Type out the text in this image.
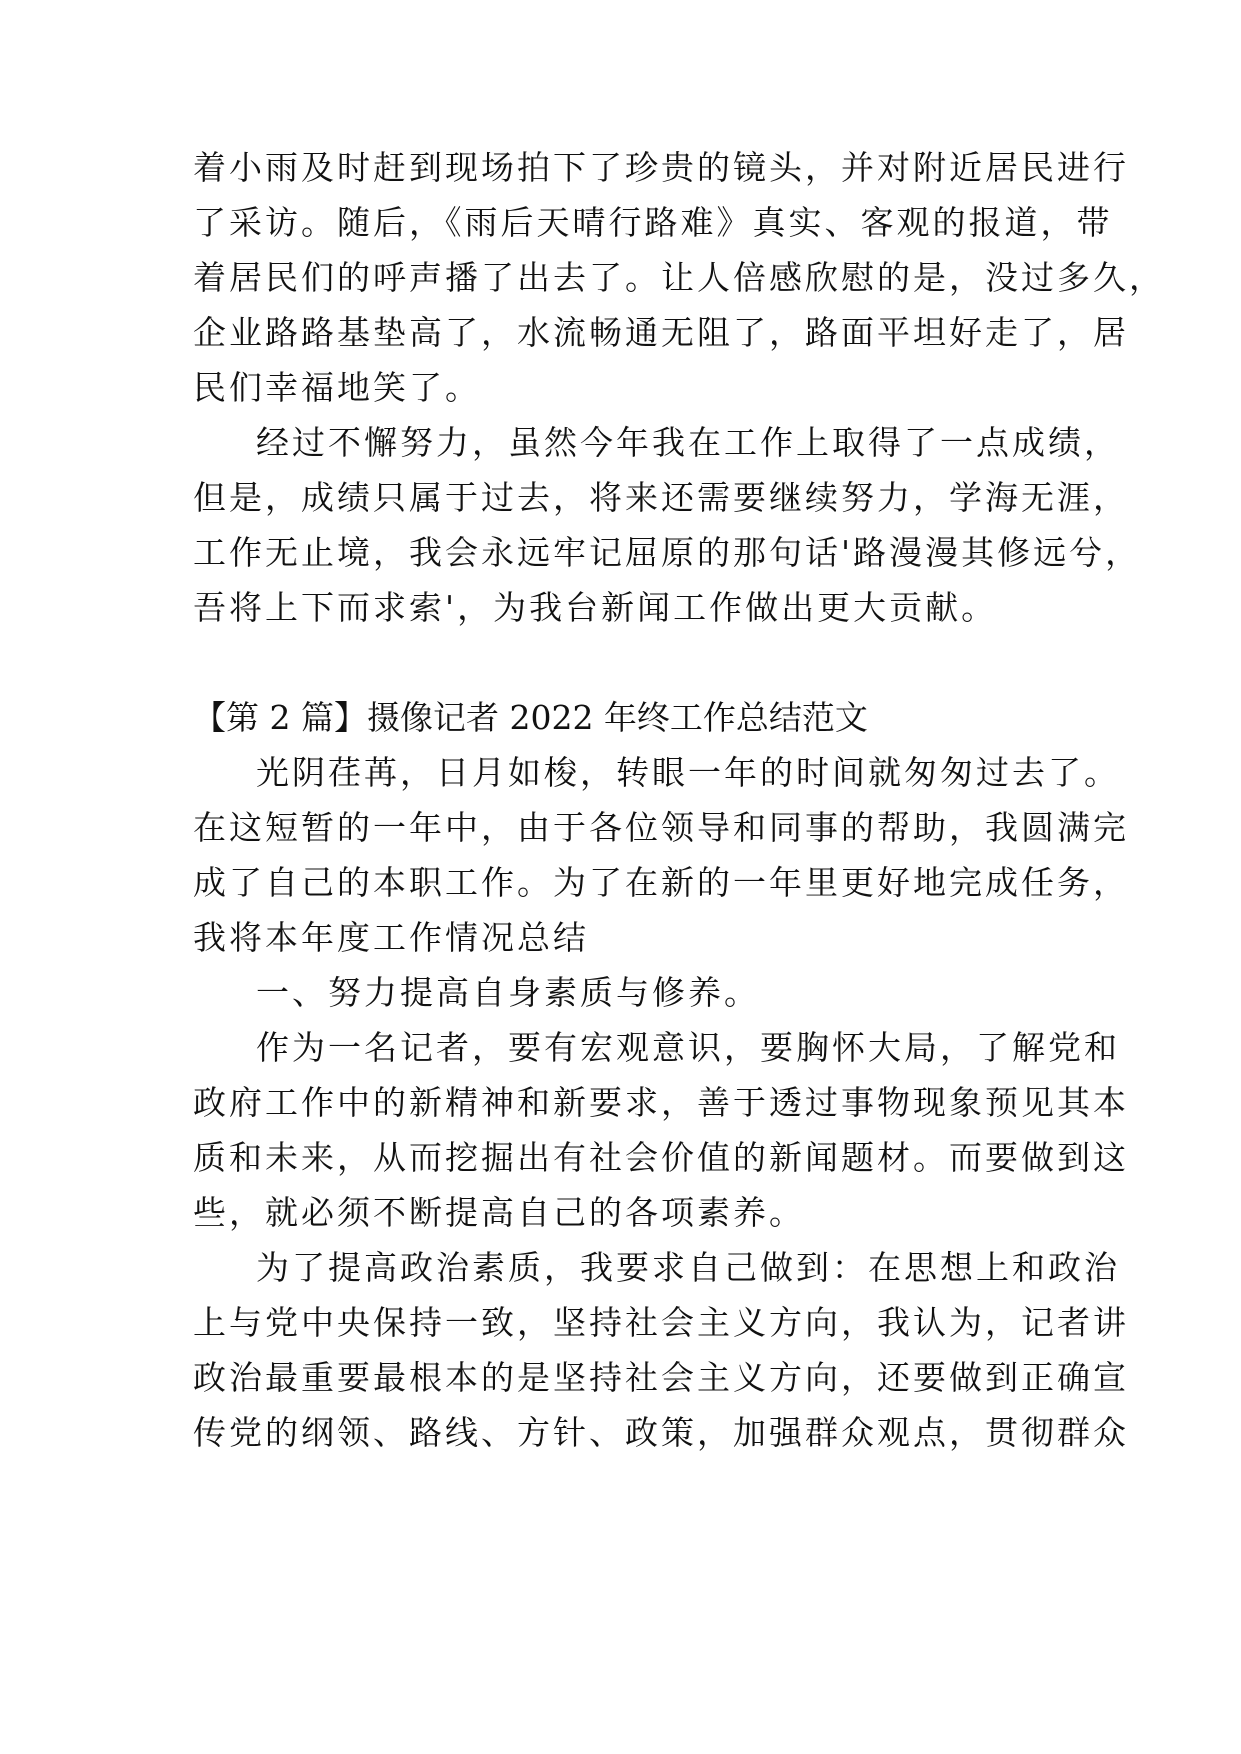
着小雨及时赶到现场拍下了珍贵的镜头，并对附近居民进行
了采访。随后，《雨后天晴行路难》真实、客观的报道，带
着居民们的呼声播了出去了。让人倍感欣慰的是，没过多久，
企业路路基垫高了，水流畅通无阻了，路面平坦好走了，居
民们幸福地笑了。
经过不懈努力，虽然今年我在工作上取得了一点成绩，
但是，成绩只属于过去，将来还需要继续努力，学海无涯，
工作无止境，我会永远牢记屈原的那句话'路漫漫其修远兮，
吾将上下而求索'，为我台新闻工作做出更大贡献。
【第 2 篇】摄像记者 2022 年终工作总结范文
光阴荏苒，日月如梭，转眼一年的时间就匆匆过去了。
在这短暂的一年中，由于各位领导和同事的帮助，我圆满完
成了自己的本职工作。为了在新的一年里更好地完成任务，
我将本年度工作情况总结
一、努力提高自身素质与修养。
作为一名记者，要有宏观意识，要胸怀大局，了解党和
政府工作中的新精神和新要求，善于透过事物现象预见其本
质和未来，从而挖掘出有社会价值的新闻题材。而要做到这
些，就必须不断提高自己的各项素养。
为了提高政治素质，我要求自己做到：在思想上和政治
上与党中央保持一致，坚持社会主义方向，我认为，记者讲
政治最重要最根本的是坚持社会主义方向，还要做到正确宣
传党的纲领、路线、方针、政策，加强群众观点，贯彻群众
